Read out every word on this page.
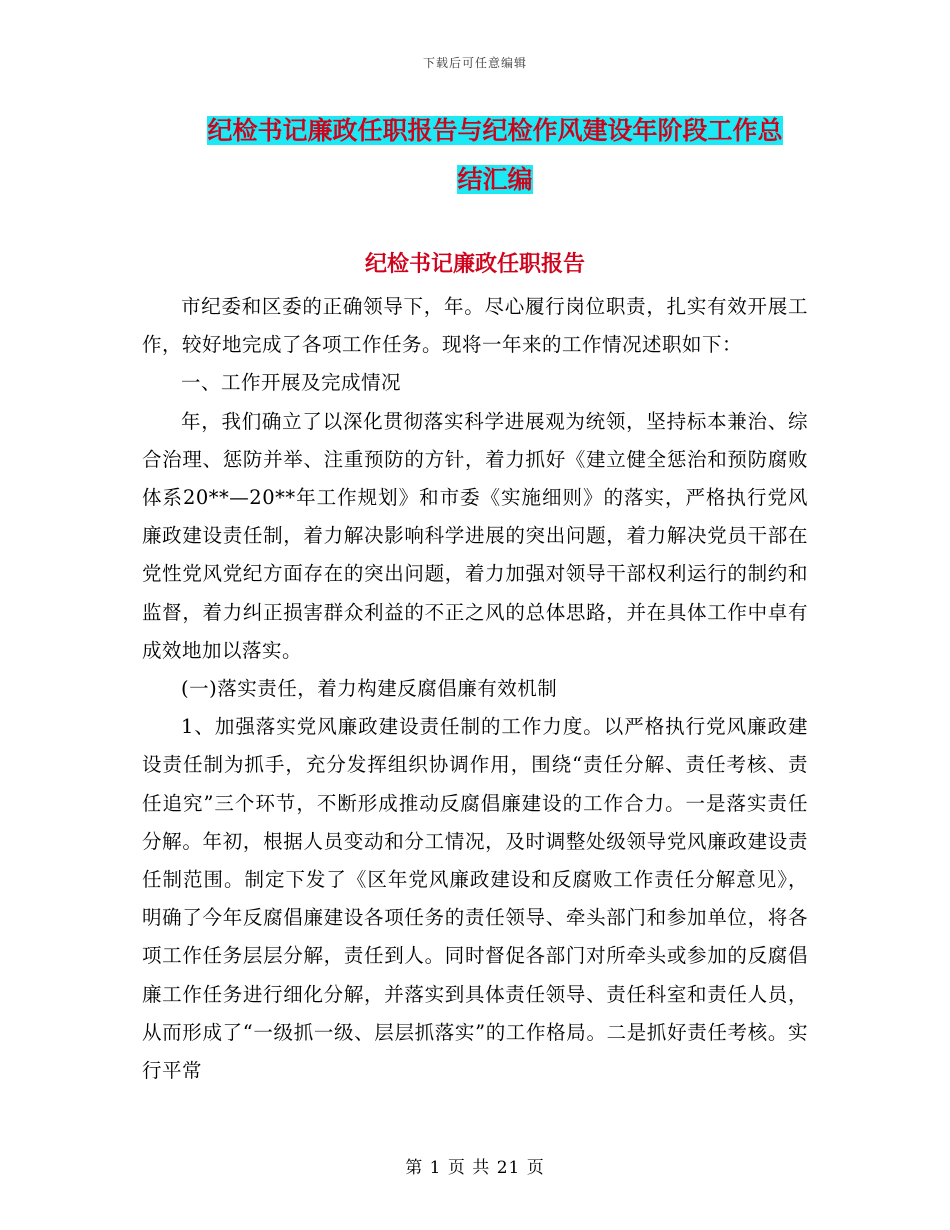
下载后可任意编辑
纪检书记廉政任职报告与纪检作风建设年阶段工作总
结汇编
纪检书记廉政任职报告

市纪委和区委的正确领导下，年。尽心履行岗位职责，扎实有效开展工作，较好地完成了各项工作任务。现将一年来的工作情况述职如下：

一、工作开展及完成情况

年，我们确立了以深化贯彻落实科学进展观为统领，坚持标本兼治、综合治理、惩防并举、注重预防的方针，着力抓好《建立健全惩治和预防腐败体系20**—20**年工作规划》和市委《实施细则》的落实，严格执行党风廉政建设责任制，着力解决影响科学进展的突出问题，着力解决党员干部在党性党风党纪方面存在的突出问题，着力加强对领导干部权利运行的制约和监督，着力纠正损害群众利益的不正之风的总体思路，并在具体工作中卓有成效地加以落实。

(一)落实责任，着力构建反腐倡廉有效机制

1、加强落实党风廉政建设责任制的工作力度。以严格执行党风廉政建设责任制为抓手，充分发挥组织协调作用，围绕“责任分解、责任考核、责任追究”三个环节，不断形成推动反腐倡廉建设的工作合力。一是落实责任分解。年初，根据人员变动和分工情况，及时调整处级领导党风廉政建设责任制范围。制定下发了《区年党风廉政建设和反腐败工作责任分解意见》，明确了今年反腐倡廉建设各项任务的责任领导、牵头部门和参加单位，将各项工作任务层层分解，责任到人。同时督促各部门对所牵头或参加的反腐倡廉工作任务进行细化分解，并落实到具体责任领导、责任科室和责任人员，从而形成了“一级抓一级、层层抓落实”的工作格局。二是抓好责任考核。实行平常

第 1 页 共 21 页
